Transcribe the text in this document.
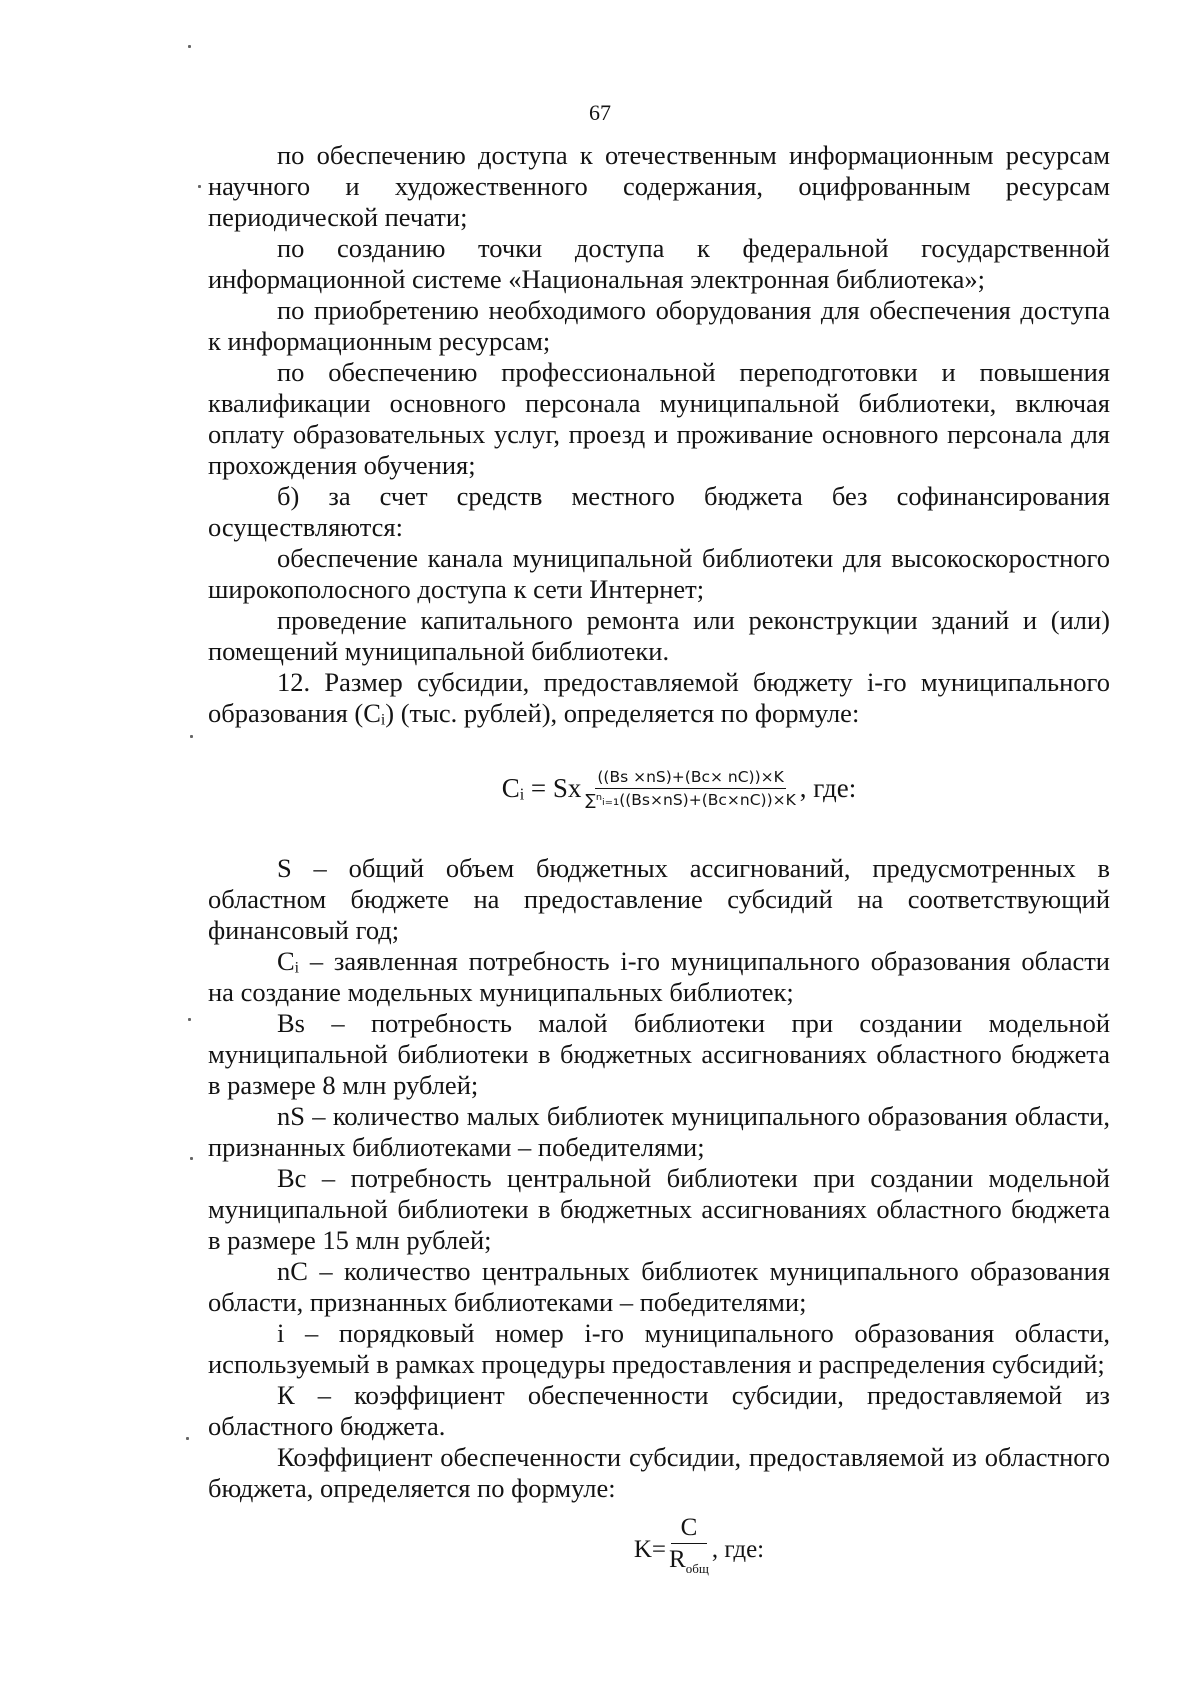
67

по обеспечению доступа к отечественным информационным ресурсам научного и художественного содержания, оцифрованным ресурсам периодической печати;

по созданию точки доступа к федеральной государственной информационной системе «Национальная электронная библиотека»;

по приобретению необходимого оборудования для обеспечения доступа к информационным ресурсам;

по обеспечению профессиональной переподготовки и повышения квалификации основного персонала муниципальной библиотеки, включая оплату образовательных услуг, проезд и проживание основного персонала для прохождения обучения;

б) за счет средств местного бюджета без софинансирования осуществляются:

обеспечение канала муниципальной библиотеки для высокоскоростного широкополосного доступа к сети Интернет;

проведение капитального ремонта или реконструкции зданий и (или) помещений муниципальной библиотеки.

12. Размер субсидии, предоставляемой бюджету i-го муниципального образования (Cᵢ) (тыс. рублей), определяется по формуле:

Cᵢ = Sx $\frac{((Bs \times nS)+(Bc\times nC))\times K}{\text{∑ⁿᵢ₌₁((Bs×nS)+(Bc×nC))×K}}$ , где:

S – общий объем бюджетных ассигнований, предусмотренных в областном бюджете на предоставление субсидий на соответствующий финансовый год;

Cᵢ – заявленная потребность i-го муниципального образования области на создание модельных муниципальных библиотек;

Bs – потребность малой библиотеки при создании модельной муниципальной библиотеки в бюджетных ассигнованиях областного бюджета в размере 8 млн рублей;

nS – количество малых библиотек муниципального образования области, признанных библиотеками – победителями;

Bc – потребность центральной библиотеки при создании модельной муниципальной библиотеки в бюджетных ассигнованиях областного бюджета в размере 15 млн рублей;

nC – количество центральных библиотек муниципального образования области, признанных библиотеками – победителями;

i – порядковый номер i-го муниципального образования области, используемый в рамках процедуры предоставления и распределения субсидий;

К – коэффициент обеспеченности субсидии, предоставляемой из областного бюджета.

Коэффициент обеспеченности субсидии, предоставляемой из областного бюджета, определяется по формуле:

$K= \frac{C}{R_{общ}}$ , где:
